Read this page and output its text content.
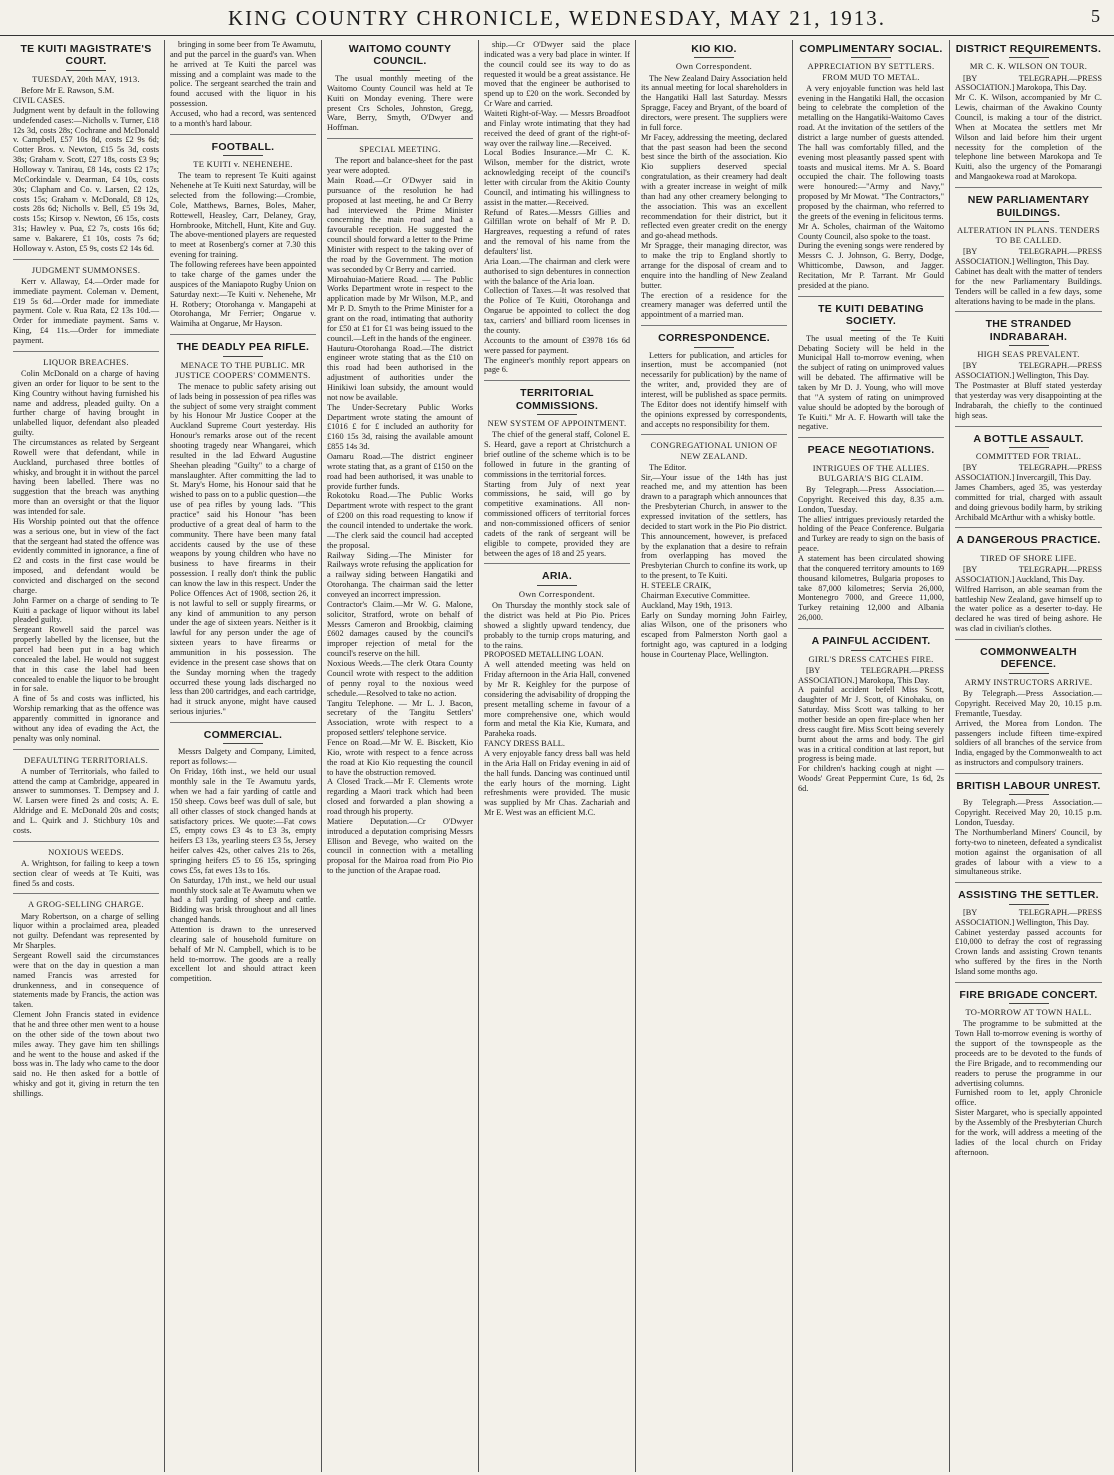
KING COUNTRY CHRONICLE, WEDNESDAY, MAY 21, 1913.	5
TE KUITI MAGISTRATE'S COURT.
TUESDAY, 20th MAY, 1913.
Before Mr E. Rawson, S.M.
CIVIL CASES.
Judgment went by default in the following undefended cases:—Nicholls v. Turner, £18 12s 3d, costs 28s; Cochrane and McDonald v. Campbell, £57 10s 8d, costs £2 9s 6d; Cotter Bros. v. Newton, £15 5s 3d, costs 38s; Graham v. Scott, £27 18s, costs £3 9s; Holloway v. Tanirau, £8 14s, costs £2 17s; McCorkindale v. Dearman, £4 10s, costs 30s; Clapham and Co. v. Larsen, £2 12s, costs 15s; Graham v. McDonald, £8 12s, costs 28s 6d; Nicholls v. Bell, £5 19s 3d, costs 15s; Kirsop v. Newton, £6 15s, costs 31s; Hawley v. Pua, £2 7s, costs 16s 6d; same v. Bakarere, £1 10s, costs 7s 6d; Holloway v. Aston, £5 9s, costs £2 14s 6d.
JUDGMENT SUMMONSES.
Kerr v. Allaway, £4.—Order made for immediate payment. Coleman v. Dement, £19 5s 6d.—Order made for immediate payment. Cole v. Rua Rata, £2 13s 10d.—Order for immediate payment. Sams v. King, £4 11s.—Order for immediate payment.
LIQUOR BREACHES.
Colin McDonald on a charge of having given an order for liquor to be sent to the King Country without having furnished his name and address, pleaded guilty. On a further charge of having brought in unlabelled liquor, defendant also pleaded guilty.
The circumstances as related by Sergeant Rowell were that defendant, while in Auckland, purchased three bottles of whisky, and brought it in without the parcel having been labelled. There was no suggestion that the breach was anything more than an oversight or that the liquor was intended for sale.
His Worship pointed out that the offence was a serious one, but in view of the fact that the sergeant had stated the offence was evidently committed in ignorance, a fine of £2 and costs in the first case would be imposed, and defendant would be convicted and discharged on the second charge.
John Farmer on a charge of sending to Te Kuiti a package of liquor without its label pleaded guilty.
Sergeant Rowell said the parcel was properly labelled by the licensee, but the parcel had been put in a bag which concealed the label. He would not suggest that in this case the label had been concealed to enable the liquor to be brought in for sale.
A fine of 5s and costs was inflicted, his Worship remarking that as the offence was apparently committed in ignorance and without any idea of evading the Act, the penalty was only nominal.
DEFAULTING TERRITORIALS.
A number of Territorials, who failed to attend the camp at Cambridge, appeared in answer to summonses. T. Dempsey and J. W. Larsen were fined 2s and costs; A. E. Aldridge and E. McDonald 20s and costs; and L. Quirk and J. Stichbury 10s and costs.
NOXIOUS WEEDS.
A. Wrightson, for failing to keep a town section clear of weeds at Te Kuiti, was fined 5s and costs.
A GROG-SELLING CHARGE.
Mary Robertson, on a charge of selling liquor within a proclaimed area, pleaded not guilty. Defendant was represented by Mr Sharples.
Sergeant Rowell said the circumstances were that on the day in question a man named Francis was arrested for drunkenness, and in consequence of statements made by Francis, the action was taken.
Clement John Francis stated in evidence that he and three other men went to a house on the other side of the town about two miles away. They gave him ten shillings and he went to the house and asked if the boss was in. The lady who came to the door said no. He then asked for a bottle of whisky and got it, giving in return the ten shillings.
bringing in some beer from Te Awamutu, and put the parcel in the guard's van. When he arrived at Te Kuiti the parcel was missing and a complaint was made to the police. The sergeant searched the train and found accused with the liquor in his possession.
Accused, who had a record, was sentenced to a month's hard labour.
FOOTBALL.
TE KUITI v. NEHENEHE.
The team to represent Te Kuiti against Nehenehe at Te Kuiti next Saturday, will be selected from the following:—Crombie, Cole, Matthews, Barnes, Boles, Maher, Rottewell, Heasley, Carr, Delaney, Gray, Hornbrooke, Mitchell, Hunt, Kite and Guy. The above-mentioned players are requested to meet at Rosenberg's corner at 7.30 this evening for training.
The following referees have been appointed to take charge of the games under the auspices of the Maniapoto Rugby Union on Saturday next:—Te Kuiti v. Nehenehe, Mr H. Rotbery; Otorohanga v. Mangapehi at Otorohanga, Mr Ferrier; Ongarue v. Waimiha at Ongarue, Mr Hayson.
THE DEADLY PEA RIFLE.
MENACE TO THE PUBLIC. MR JUSTICE COOPERS' COMMENTS.
The menace to public safety arising out of lads being in possession of pea rifles was the subject of some very straight comment by his Honour Mr Justice Cooper at the Auckland Supreme Court yesterday. His Honour's remarks arose out of the recent shooting tragedy near Whangarei, which resulted in the lad Edward Augustine Sheehan pleading "Guilty" to a charge of manslaughter. After committing the lad to St. Mary's Home, his Honour said that he wished to pass on to a public question—the use of pea rifles by young lads. "This practice" said his Honour "has been productive of a great deal of harm to the community. There have been many fatal accidents caused by the use of these weapons by young children who have no business to have firearms in their possession. I really don't think the public can know the law in this respect. Under the Police Offences Act of 1908, section 26, it is not lawful to sell or supply firearms, or any kind of ammunition to any person under the age of sixteen years. Neither is it lawful for any person under the age of sixteen years to have firearms or ammunition in his possession. The evidence in the present case shows that on the Sunday morning when the tragedy occurred these young lads discharged no less than 200 cartridges, and each cartridge, had it struck anyone, might have caused serious injuries."
COMMERCIAL.
Messrs Dalgety and Company, Limited, report as follows:—
On Friday, 16th inst., we held our usual monthly sale in the Te Awamutu yards, when we had a fair yarding of cattle and 150 sheep. Cows beef was dull of sale, but all other classes of stock changed hands at satisfactory prices. We quote:—Fat cows £5, empty cows £3 4s to £3 3s, empty heifers £3 13s, yearling steers £3 5s, Jersey heifer calves 42s, other calves 21s to 26s, springing heifers £5 to £6 15s, springing cows £5s, fat ewes 13s to 16s.
On Saturday, 17th inst., we held our usual monthly stock sale at Te Awamutu when we had a full yarding of sheep and cattle. Bidding was brisk throughout and all lines changed hands.
Attention is drawn to the unreserved clearing sale of household furniture on behalf of Mr N. Campbell, which is to be held to-morrow. The goods are a really excellent lot and should attract keen competition.
WAITOMO COUNTY COUNCIL.
The usual monthly meeting of the Waitomo County Council was held at Te Kuiti on Monday evening. There were present Crs Scholes, Johnston, Gregg, Ware, Berry, Smyth, O'Dwyer and Hoffman.
SPECIAL MEETING.
The report and balance-sheet for the past year were adopted.
Main Road.—Cr O'Dwyer said in pursuance of the resolution he had proposed at last meeting, he and Cr Berry had interviewed the Prime Minister concerning the main road and had a favourable reception. He suggested the council should forward a letter to the Prime Minister with respect to the taking over of the road by the Government. The motion was seconded by Cr Berry and carried.
Miroahuiao-Matiere Road. — The Public Works Department wrote in respect to the application made by Mr Wilson, M.P., and Mr P. D. Smyth to the Prime Minister for a grant on the road, intimating that authority for £50 at £1 for £1 was being issued to the council.—Left in the hands of the engineer.
Hauturu-Otorohanga Road.—The district engineer wrote stating that as the £10 on this road had been authorised in the adjustment of authorities under the Hinikiwi loan subsidy, the amount would not now be available.
The Under-Secretary Public Works Department wrote stating the amount of £1016 £ for £ included an authority for £160 15s 3d, raising the available amount £855 14s 3d.
Oamaru Road.—The district engineer wrote stating that, as a grant of £150 on the road had been authorised, it was unable to provide further funds.
Rokotoku Road.—The Public Works Department wrote with respect to the grant of £200 on this road requesting to know if the council intended to undertake the work.—The clerk said the council had accepted the proposal.
Railway Siding.—The Minister for Railways wrote refusing the application for a railway siding between Hangatiki and Otorohanga. The chairman said the letter conveyed an incorrect impression.
Contractor's Claim.—Mr W. G. Malone, solicitor, Stratford, wrote on behalf of Messrs Cameron and Brookbig, claiming £602 damages caused by the council's improper rejection of metal for the council's reserve on the hill.
Noxious Weeds.—The clerk Otara County Council wrote with respect to the addition of penny royal to the noxious weed schedule.—Resolved to take no action.
Tangitu Telephone. — Mr L. J. Bacon, secretary of the Tangitu Settlers' Association, wrote with respect to a proposed settlers' telephone service.
Fence on Road.—Mr W. E. Bisckett, Kio Kio, wrote with respect to a fence across the road at Kio Kio requesting the council to have the obstruction removed.
A Closed Track.—Mr F. Clements wrote regarding a Maori track which had been closed and forwarded a plan showing a road through his property.
Matiere Deputation.—Cr O'Dwyer introduced a deputation comprising Messrs Ellison and Bevege, who waited on the council in connection with a metalling proposal for the Mairoa road from Pio Pio to the junction of the Arapae road.
ship.—Cr O'Dwyer said the place indicated was a very bad place in winter. If the council could see its way to do as requested it would be a great assistance. He moved that the engineer be authorised to spend up to £20 on the work. Seconded by Cr Ware and carried.
Waiteti Right-of-Way. — Messrs Broadfoot and Finlay wrote intimating that they had received the deed of grant of the right-of-way over the railway line.—Received.
Local Bodies Insurance.—Mr C. K. Wilson, member for the district, wrote acknowledging receipt of the council's letter with circular from the Akitio County Council, and intimating his willingness to assist in the matter.—Received.
Refund of Rates.—Messrs Gillies and Gilfillan wrote on behalf of Mr P. D. Hargreaves, requesting a refund of rates and the removal of his name from the defaulters' list.
Aria Loan.—The chairman and clerk were authorised to sign debentures in connection with the balance of the Aria loan.
Collection of Taxes.—It was resolved that the Police of Te Kuiti, Otorohanga and Ongarue be appointed to collect the dog tax, carriers' and billiard room licenses in the county.
Accounts to the amount of £3978 16s 6d were passed for payment.
The engineer's monthly report appears on page 6.
TERRITORIAL COMMISSIONS.
NEW SYSTEM OF APPOINTMENT.
The chief of the general staff, Colonel E. S. Heard, gave a report at Christchurch a brief outline of the scheme which is to be followed in future in the granting of commissions in the territorial forces.
Starting from July of next year commissions, he said, will go by competitive examinations. All non-commissioned officers of territorial forces and non-commissioned officers of senior cadets of the rank of sergeant will be eligible to compete, provided they are between the ages of 18 and 25 years.
ARIA.
Own Correspondent.
On Thursday the monthly stock sale of the district was held at Pio Pio. Prices showed a slightly upward tendency, due probably to the turnip crops maturing, and to the rains.
PROPOSED METALLING LOAN.
A well attended meeting was held on Friday afternoon in the Aria Hall, convened by Mr R. Keighley for the purpose of considering the advisability of dropping the present metalling scheme in favour of a more comprehensive one, which would form and metal the Kia Kie, Kumara, and Paraheka roads.
FANCY DRESS BALL.
A very enjoyable fancy dress ball was held in the Aria Hall on Friday evening in aid of the hall funds. Dancing was continued until the early hours of the morning. Light refreshments were provided. The music was supplied by Mr Chas. Zachariah and Mr E. West was an efficient M.C.
KIO KIO.
Own Correspondent.
The New Zealand Dairy Association held its annual meeting for local shareholders in the Hangatiki Hall last Saturday. Messrs Spragge, Facey and Bryant, of the board of directors, were present. The suppliers were in full force.
Mr Facey, addressing the meeting, declared that the past season had been the second best since the birth of the association. Kio Kio suppliers deserved special congratulation, as their creamery had dealt with a greater increase in weight of milk than had any other creamery belonging to the association. This was an excellent recommendation for their district, but it reflected even greater credit on the energy and go-ahead methods.
Mr Spragge, their managing director, was to make the trip to England shortly to arrange for the disposal of cream and to enquire into the handling of New Zealand butter.
The erection of a residence for the creamery manager was deferred until the appointment of a married man.
CORRESPONDENCE.
Letters for publication, and articles for insertion, must be accompanied (not necessarily for publication) by the name of the writer, and, provided they are of interest, will be published as space permits. The Editor does not identify himself with the opinions expressed by correspondents, and accepts no responsibility for them.
CONGREGATIONAL UNION OF NEW ZEALAND.
The Editor.
Sir,—Your issue of the 14th has just reached me, and my attention has been drawn to a paragraph which announces that the Presbyterian Church, in answer to the expressed invitation of the settlers, has decided to start work in the Pio Pio district. This announcement, however, is prefaced by the explanation that a desire to refrain from overlapping has moved the Presbyterian Church to confine its work, up to the present, to Te Kuiti.
H. STEELE CRAIK,
Chairman Executive Committee.
Auckland, May 19th, 1913.
Early on Sunday morning John Fairley, alias Wilson, one of the prisoners who escaped from Palmerston North gaol a fortnight ago, was captured in a lodging house in Courtenay Place, Wellington.
COMPLIMENTARY SOCIAL.
APPRECIATION BY SETTLERS. FROM MUD TO METAL.
A very enjoyable function was held last evening in the Hangatiki Hall, the occasion being to celebrate the completion of the metalling on the Hangatiki-Waitomo Caves road. At the invitation of the settlers of the district a large number of guests attended. The hall was comfortably filled, and the evening most pleasantly passed spent with toasts and musical items. Mr A. S. Board occupied the chair. The following toasts were honoured:—"Army and Navy," proposed by Mr Mowat. "The Contractors," proposed by the chairman, who referred to the greets of the evening in felicitous terms.
Mr A. Scholes, chairman of the Waitomo County Council, also spoke to the toast.
During the evening songs were rendered by Messrs C. J. Johnson, G. Berry, Dodge, Whitticombe, Dawson, and Jagger. Recitation, Mr P. Tarrant. Mr Gould presided at the piano.
TE KUITI DEBATING SOCIETY.
The usual meeting of the Te Kuiti Debating Society will be held in the Municipal Hall to-morrow evening, when the subject of rating on unimproved values will be debated. The affirmative will be taken by Mr D. J. Young, who will move that "A system of rating on unimproved value should be adopted by the borough of Te Kuiti." Mr A. F. Howarth will take the negative.
PEACE NEGOTIATIONS.
INTRIGUES OF THE ALLIES. BULGARIA'S BIG CLAIM.
By Telegraph.—Press Association.—Copyright. Received this day, 8.35 a.m. London, Tuesday.
The allies' intrigues previously retarded the holding of the Peace Conference. Bulgaria and Turkey are ready to sign on the basis of peace.
A statement has been circulated showing that the conquered territory amounts to 169 thousand kilometres, Bulgaria proposes to take 87,000 kilometres; Servia 26,000, Montenegro 7000, and Greece 11,000, Turkey retaining 12,000 and Albania 26,000.
A PAINFUL ACCIDENT.
GIRL'S DRESS CATCHES FIRE.
[BY TELEGRAPH.—PRESS ASSOCIATION.] Marokopa, This Day.
A painful accident befell Miss Scott, daughter of Mr J. Scott, of Kinohaku, on Saturday. Miss Scott was talking to her mother beside an open fire-place when her dress caught fire. Miss Scott being severely burnt about the arms and body. The girl was in a critical condition at last report, but progress is being made.
For children's hacking cough at night — Woods' Great Peppermint Cure, 1s 6d, 2s 6d.
DISTRICT REQUIREMENTS.
MR C. K. WILSON ON TOUR.
[BY TELEGRAPH.—PRESS ASSOCIATION.] Marokopa, This Day.
Mr C. K. Wilson, accompanied by Mr C. Lewis, chairman of the Awakino County Council, is making a tour of the district. When at Mocatea the settlers met Mr Wilson and laid before him their urgent necessity for the completion of the telephone line between Marokopa and Te Kuiti, also the urgency of the Pomarangi and Mangaokewa road at Marokopa.
NEW PARLIAMENTARY BUILDINGS.
ALTERATION IN PLANS. TENDERS TO BE CALLED.
[BY TELEGRAPH.—PRESS ASSOCIATION.] Wellington, This Day.
Cabinet has dealt with the matter of tenders for the new Parliamentary Buildings. Tenders will be called in a few days, some alterations having to be made in the plans.
THE STRANDED INDRABARAH.
HIGH SEAS PREVALENT.
[BY TELEGRAPH.—PRESS ASSOCIATION.] Wellington, This Day.
The Postmaster at Bluff stated yesterday that yesterday was very disappointing at the Indrabarah, the chiefly to the continued high seas.
A BOTTLE ASSAULT.
COMMITTED FOR TRIAL.
[BY TELEGRAPH.—PRESS ASSOCIATION.] Invercargill, This Day.
James Chambers, aged 35, was yesterday committed for trial, charged with assault and doing grievous bodily harm, by striking Archibald McArthur with a whisky bottle.
A DANGEROUS PRACTICE.
TIRED OF SHORE LIFE.
[BY TELEGRAPH.—PRESS ASSOCIATION.] Auckland, This Day.
Wilfred Harrison, an able seaman from the battleship New Zealand, gave himself up to the water police as a deserter to-day. He declared he was tired of being ashore. He was clad in civilian's clothes.
COMMONWEALTH DEFENCE.
ARMY INSTRUCTORS ARRIVE.
By Telegraph.—Press Association.—Copyright. Received May 20, 10.15 p.m. Fremantle, Tuesday.
Arrived, the Morea from London. The passengers include fifteen time-expired soldiers of all branches of the service from India, engaged by the Commonwealth to act as instructors and compulsory trainers.
BRITISH LABOUR UNREST.
By Telegraph.—Press Association.—Copyright. Received May 20, 10.15 p.m. London, Tuesday.
The Northumberland Miners' Council, by forty-two to nineteen, defeated a syndicalist motion against the organisation of all grades of labour with a view to a simultaneous strike.
ASSISTING THE SETTLER.
[BY TELEGRAPH.—PRESS ASSOCIATION.] Wellington, This Day.
Cabinet yesterday passed accounts for £10,000 to defray the cost of regrassing Crown lands and assisting Crown tenants who suffered by the fires in the North Island some months ago.
FIRE BRIGADE CONCERT.
TO-MORROW AT TOWN HALL.
The programme to be submitted at the Town Hall to-morrow evening is worthy of the support of the townspeople as the proceeds are to be devoted to the funds of the Fire Brigade, and to recommending our readers to peruse the programme in our advertising columns.
Furnished room to let, apply Chronicle office.
Sister Margaret, who is specially appointed by the Assembly of the Presbyterian Church for the work, will address a meeting of the ladies of the local church on Friday afternoon.
